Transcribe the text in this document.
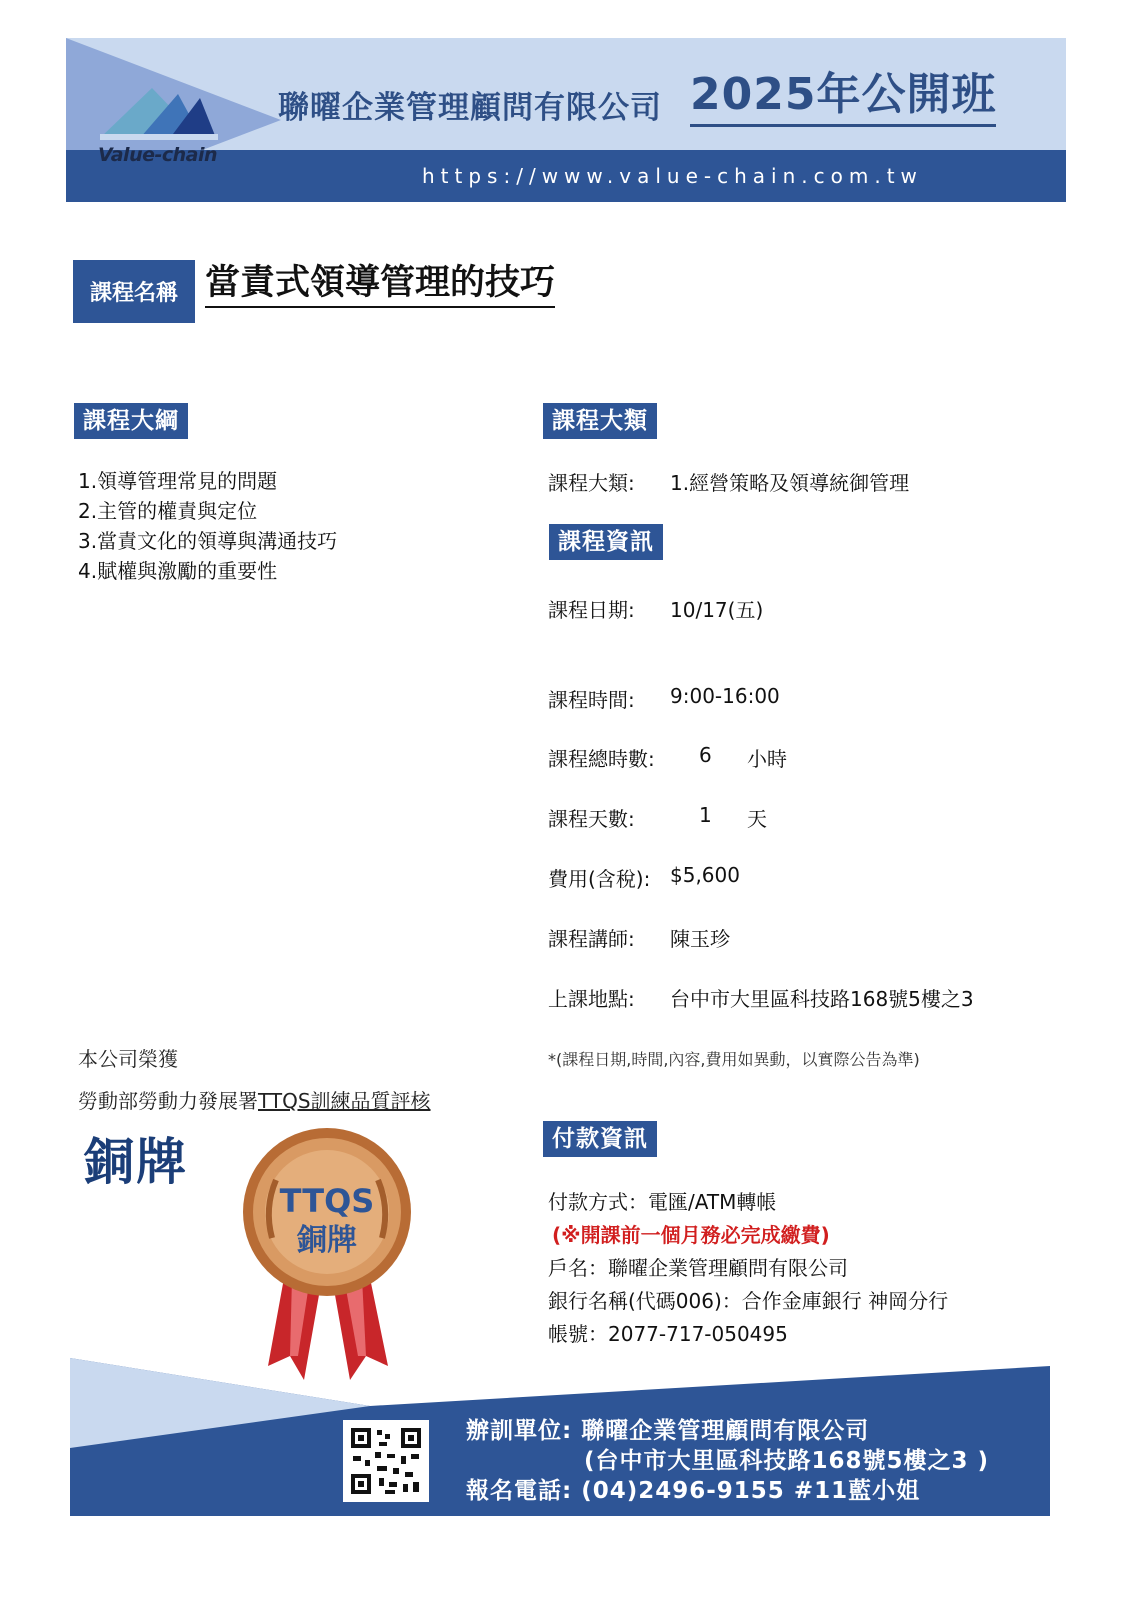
Value-chain
聯曜企業管理顧問有限公司 2025年公開班
https://www.value-chain.com.tw
課程名稱 當責式領導管理的技巧
課程大綱
1.領導管理常見的問題
2.主管的權責與定位
3.當責文化的領導與溝通技巧
4.賦權與激勵的重要性
課程大類
課程大類: 1.經營策略及領導統御管理
課程資訊
課程日期: 10/17(五)
課程時間: 9:00-16:00
課程總時數: 6 小時
課程天數:	1 天
費用(含稅): $5,600
課程講師: 陳玉珍
上課地點: 台中市大里區科技路168號5樓之3
*(課程日期,時間,內容,費用如異動，以實際公告為準)
本公司榮獲
勞動部勞動力發展署TTQS訓練品質評核
銅牌
TTQS
銅牌
付款資訊
付款方式：電匯/ATM轉帳
(※開課前一個月務必完成繳費)
戶名：聯曜企業管理顧問有限公司
銀行名稱(代碼006)：合作金庫銀行 神岡分行
帳號：2077-717-050495
辦訓單位: 聯曜企業管理顧問有限公司
(台中市大里區科技路168號5樓之3 )
報名電話: (04)2496-9155 #11藍小姐
